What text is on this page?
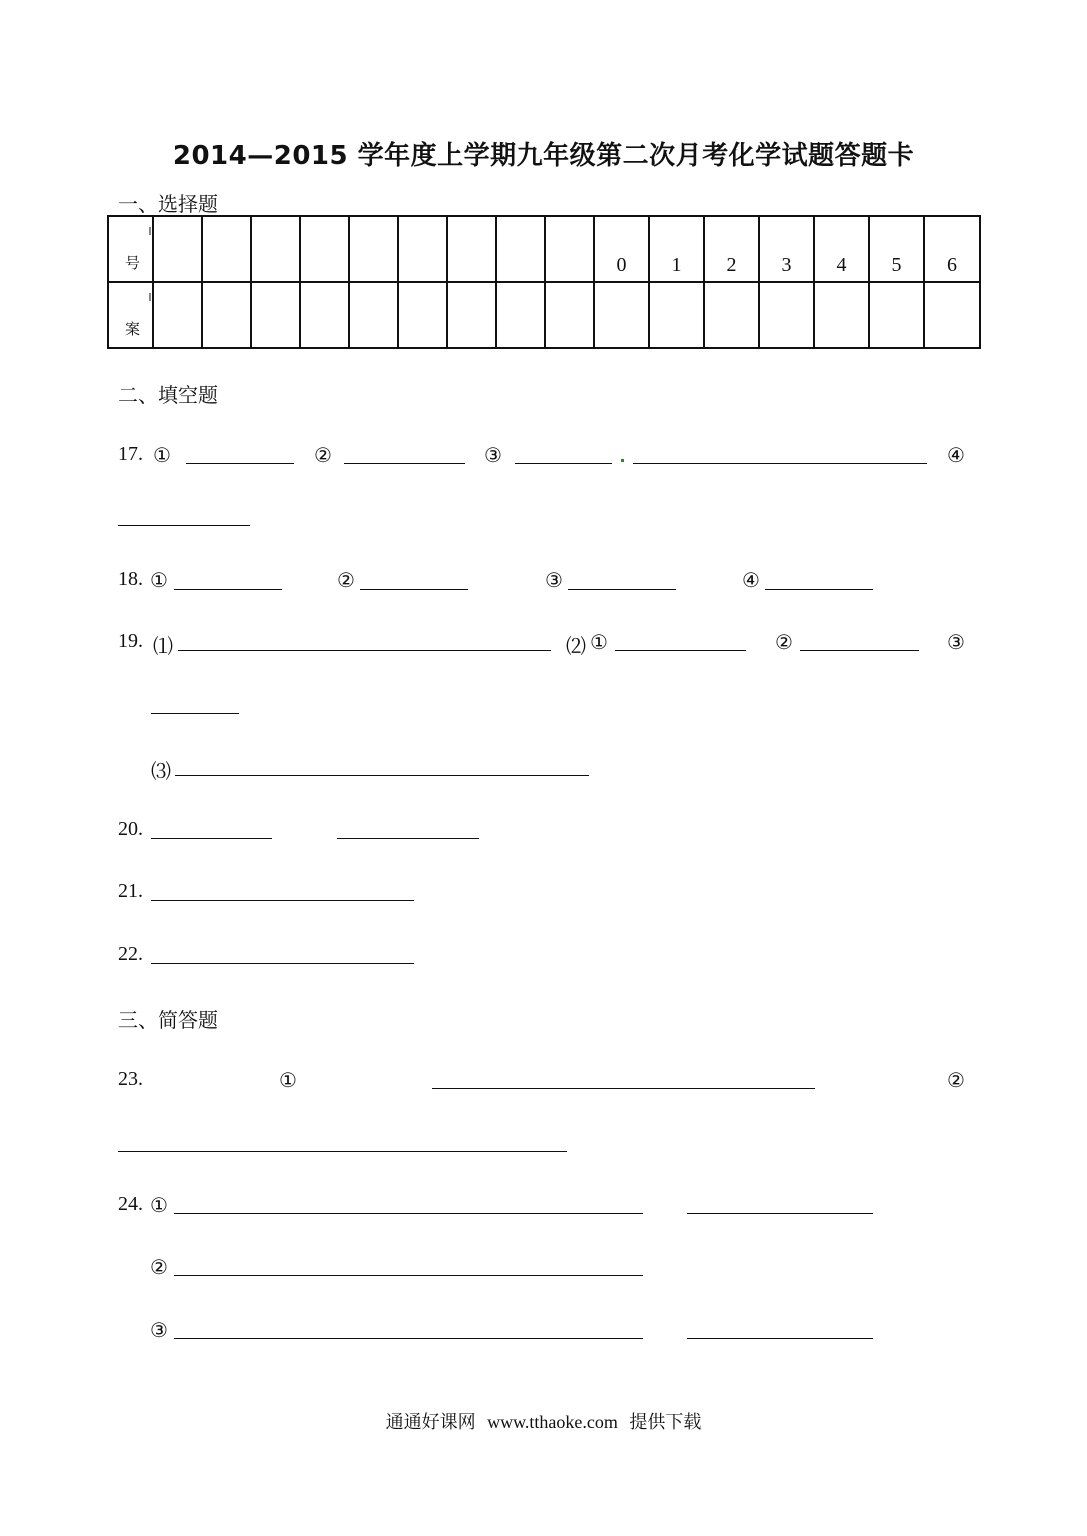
2014—2015 学年度上学期九年级第二次月考化学试题答题卡
一、选择题
号										0	1	2	3	4	5	6

案																

二、填空题
17. ①	②	③	④
18. ①	②	③	④
19. ⑴	⑵ ①	②	③
⑶
20.
21.
22.
三、简答题
23.	①	②
24. ①
②
③
通通好课网 www.tthaoke.com 提供下载
